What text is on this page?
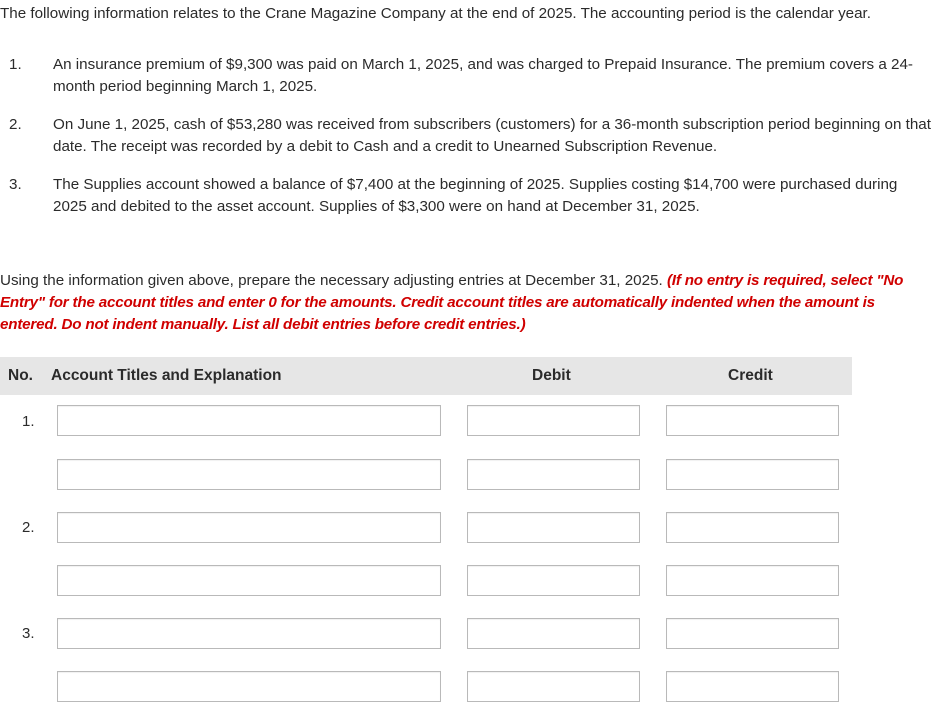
The following information relates to the Crane Magazine Company at the end of 2025. The accounting period is the calendar year.
1. An insurance premium of $9,300 was paid on March 1, 2025, and was charged to Prepaid Insurance. The premium covers a 24-month period beginning March 1, 2025.
2. On June 1, 2025, cash of $53,280 was received from subscribers (customers) for a 36-month subscription period beginning on that date. The receipt was recorded by a debit to Cash and a credit to Unearned Subscription Revenue.
3. The Supplies account showed a balance of $7,400 at the beginning of 2025. Supplies costing $14,700 were purchased during 2025 and debited to the asset account. Supplies of $3,300 were on hand at December 31, 2025.
Using the information given above, prepare the necessary adjusting entries at December 31, 2025. (If no entry is required, select "No Entry" for the account titles and enter 0 for the amounts. Credit account titles are automatically indented when the amount is entered. Do not indent manually. List all debit entries before credit entries.)
No. Account Titles and Explanation	Debit	Credit
1.
2.
3.
